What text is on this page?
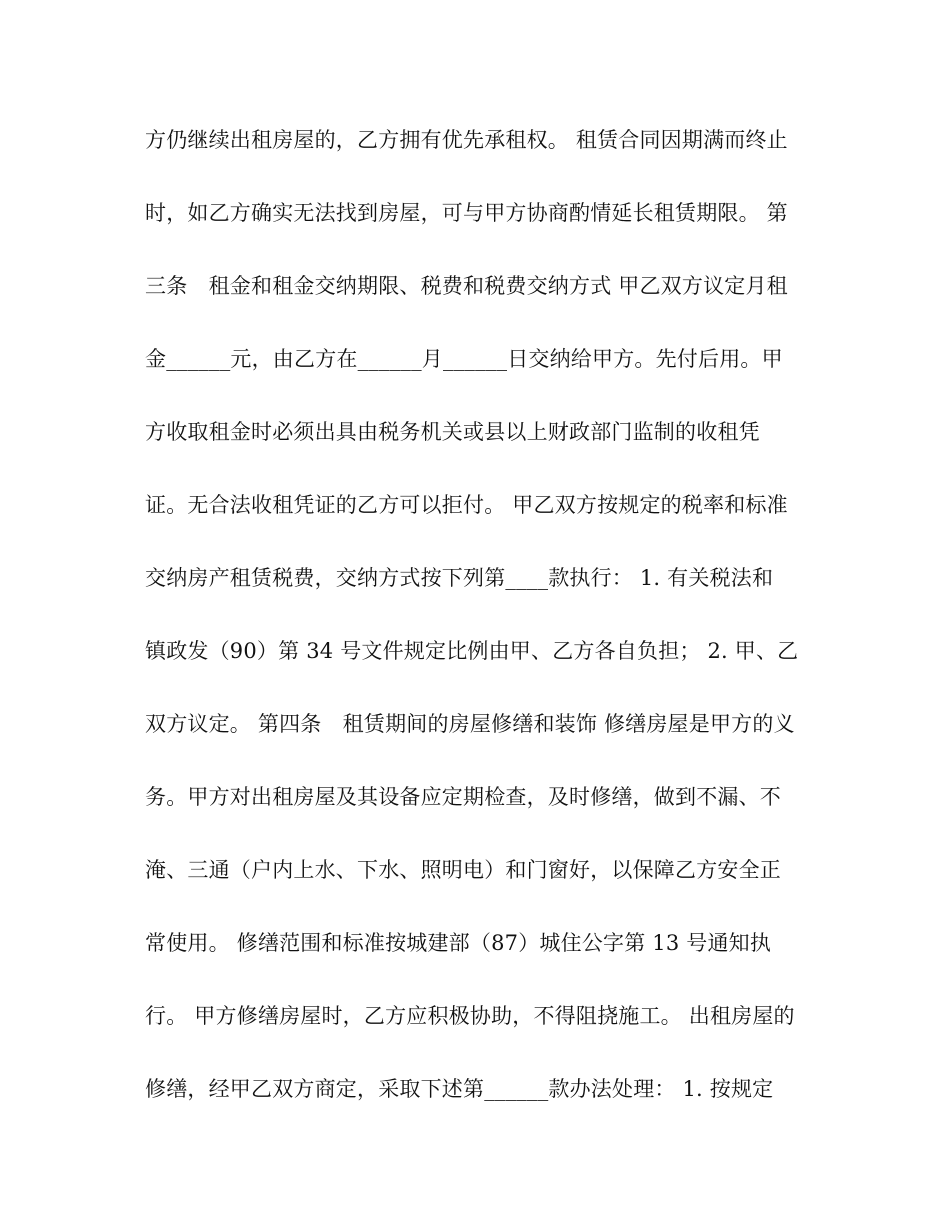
方仍继续出租房屋的，乙方拥有优先承租权。 租赁合同因期满而终止
时，如乙方确实无法找到房屋，可与甲方协商酌情延长租赁期限。 第
三条　租金和租金交纳期限、税费和税费交纳方式 甲乙双方议定月租
金______元，由乙方在______月______日交纳给甲方。先付后用。甲
方收取租金时必须出具由税务机关或县以上财政部门监制的收租凭
证。无合法收租凭证的乙方可以拒付。 甲乙双方按规定的税率和标准
交纳房产租赁税费，交纳方式按下列第____款执行： 1. 有关税法和
镇政发（90）第 34 号文件规定比例由甲、乙方各自负担； 2. 甲、乙
双方议定。 第四条　租赁期间的房屋修缮和装饰 修缮房屋是甲方的义
务。甲方对出租房屋及其设备应定期检查，及时修缮，做到不漏、不
淹、三通（户内上水、下水、照明电）和门窗好，以保障乙方安全正
常使用。 修缮范围和标准按城建部（87）城住公字第 13 号通知执
行。 甲方修缮房屋时，乙方应积极协助，不得阻挠施工。 出租房屋的
修缮，经甲乙双方商定，采取下述第______款办法处理： 1. 按规定
